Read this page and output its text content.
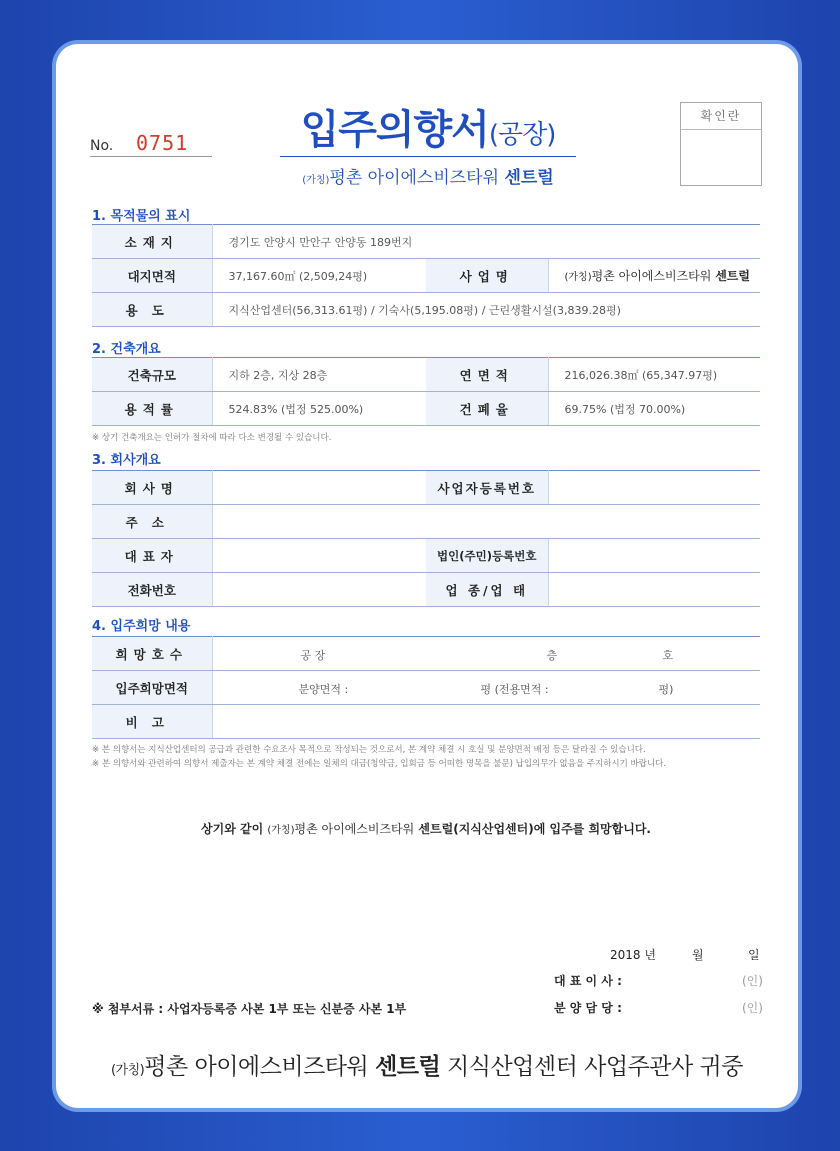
No. 0751	입주의향서(공장)
(가칭)평촌 아이에스비즈타워 센트럴
확인란
1. 목적물의 표시
소재지	경기도 안양시 만안구 안양동 189번지		
대지면적	37,167.60㎡ (2,509,24평)	사업명	(가칭)평촌 아이에스비즈타워 센트럴
용도	지식산업센터(56,313.61평) / 기숙사(5,195.08평) / 근린생활시설(3,839.28평)		
2. 건축개요
건축규모	지하 2층, 지상 28층	연면적	216,026.38㎡ (65,347.97평)
용적률	524.83% (법정 525.00%)	건폐율	69.75% (법정 70.00%)
※ 상기 건축개요는 인허가 절차에 따라 다소 변경될 수 있습니다.
3. 회사개요
회사명		사업자등록번호	
주소			
대표자		법인(주민)등록번호	
전화번호		업 종/업 태	
4. 입주희망 내용
희망호수	공 장 층 호

입주희망면적	분양면적 : 평 (전용면적 : 평)

비고	
※ 본 의향서는 지식산업센터의 공급과 관련한 수요조사 목적으로 작성되는 것으로서, 본 계약 체결 시 호실 및 분양면적 배정 등은 달라질 수 있습니다.
※ 본 의향서와 관련하여 의향서 제출자는 본 계약 체결 전에는 일체의 대금(청약금, 입회금 등 어떠한 명목을 불문) 납입의무가 없음을 주지하시기 바랍니다.
상기와 같이 (가칭)평촌 아이에스비즈타워 센트럴(지식산업센터)에 입주를 희망합니다.
2018 년	월	일
대 표 이 사 :	(인)
분 양 담 당 :	(인)
※ 첨부서류 : 사업자등록증 사본 1부 또는 신분증 사본 1부
(가칭)평촌 아이에스비즈타워 센트럴 지식산업센터 사업주관사 귀중
